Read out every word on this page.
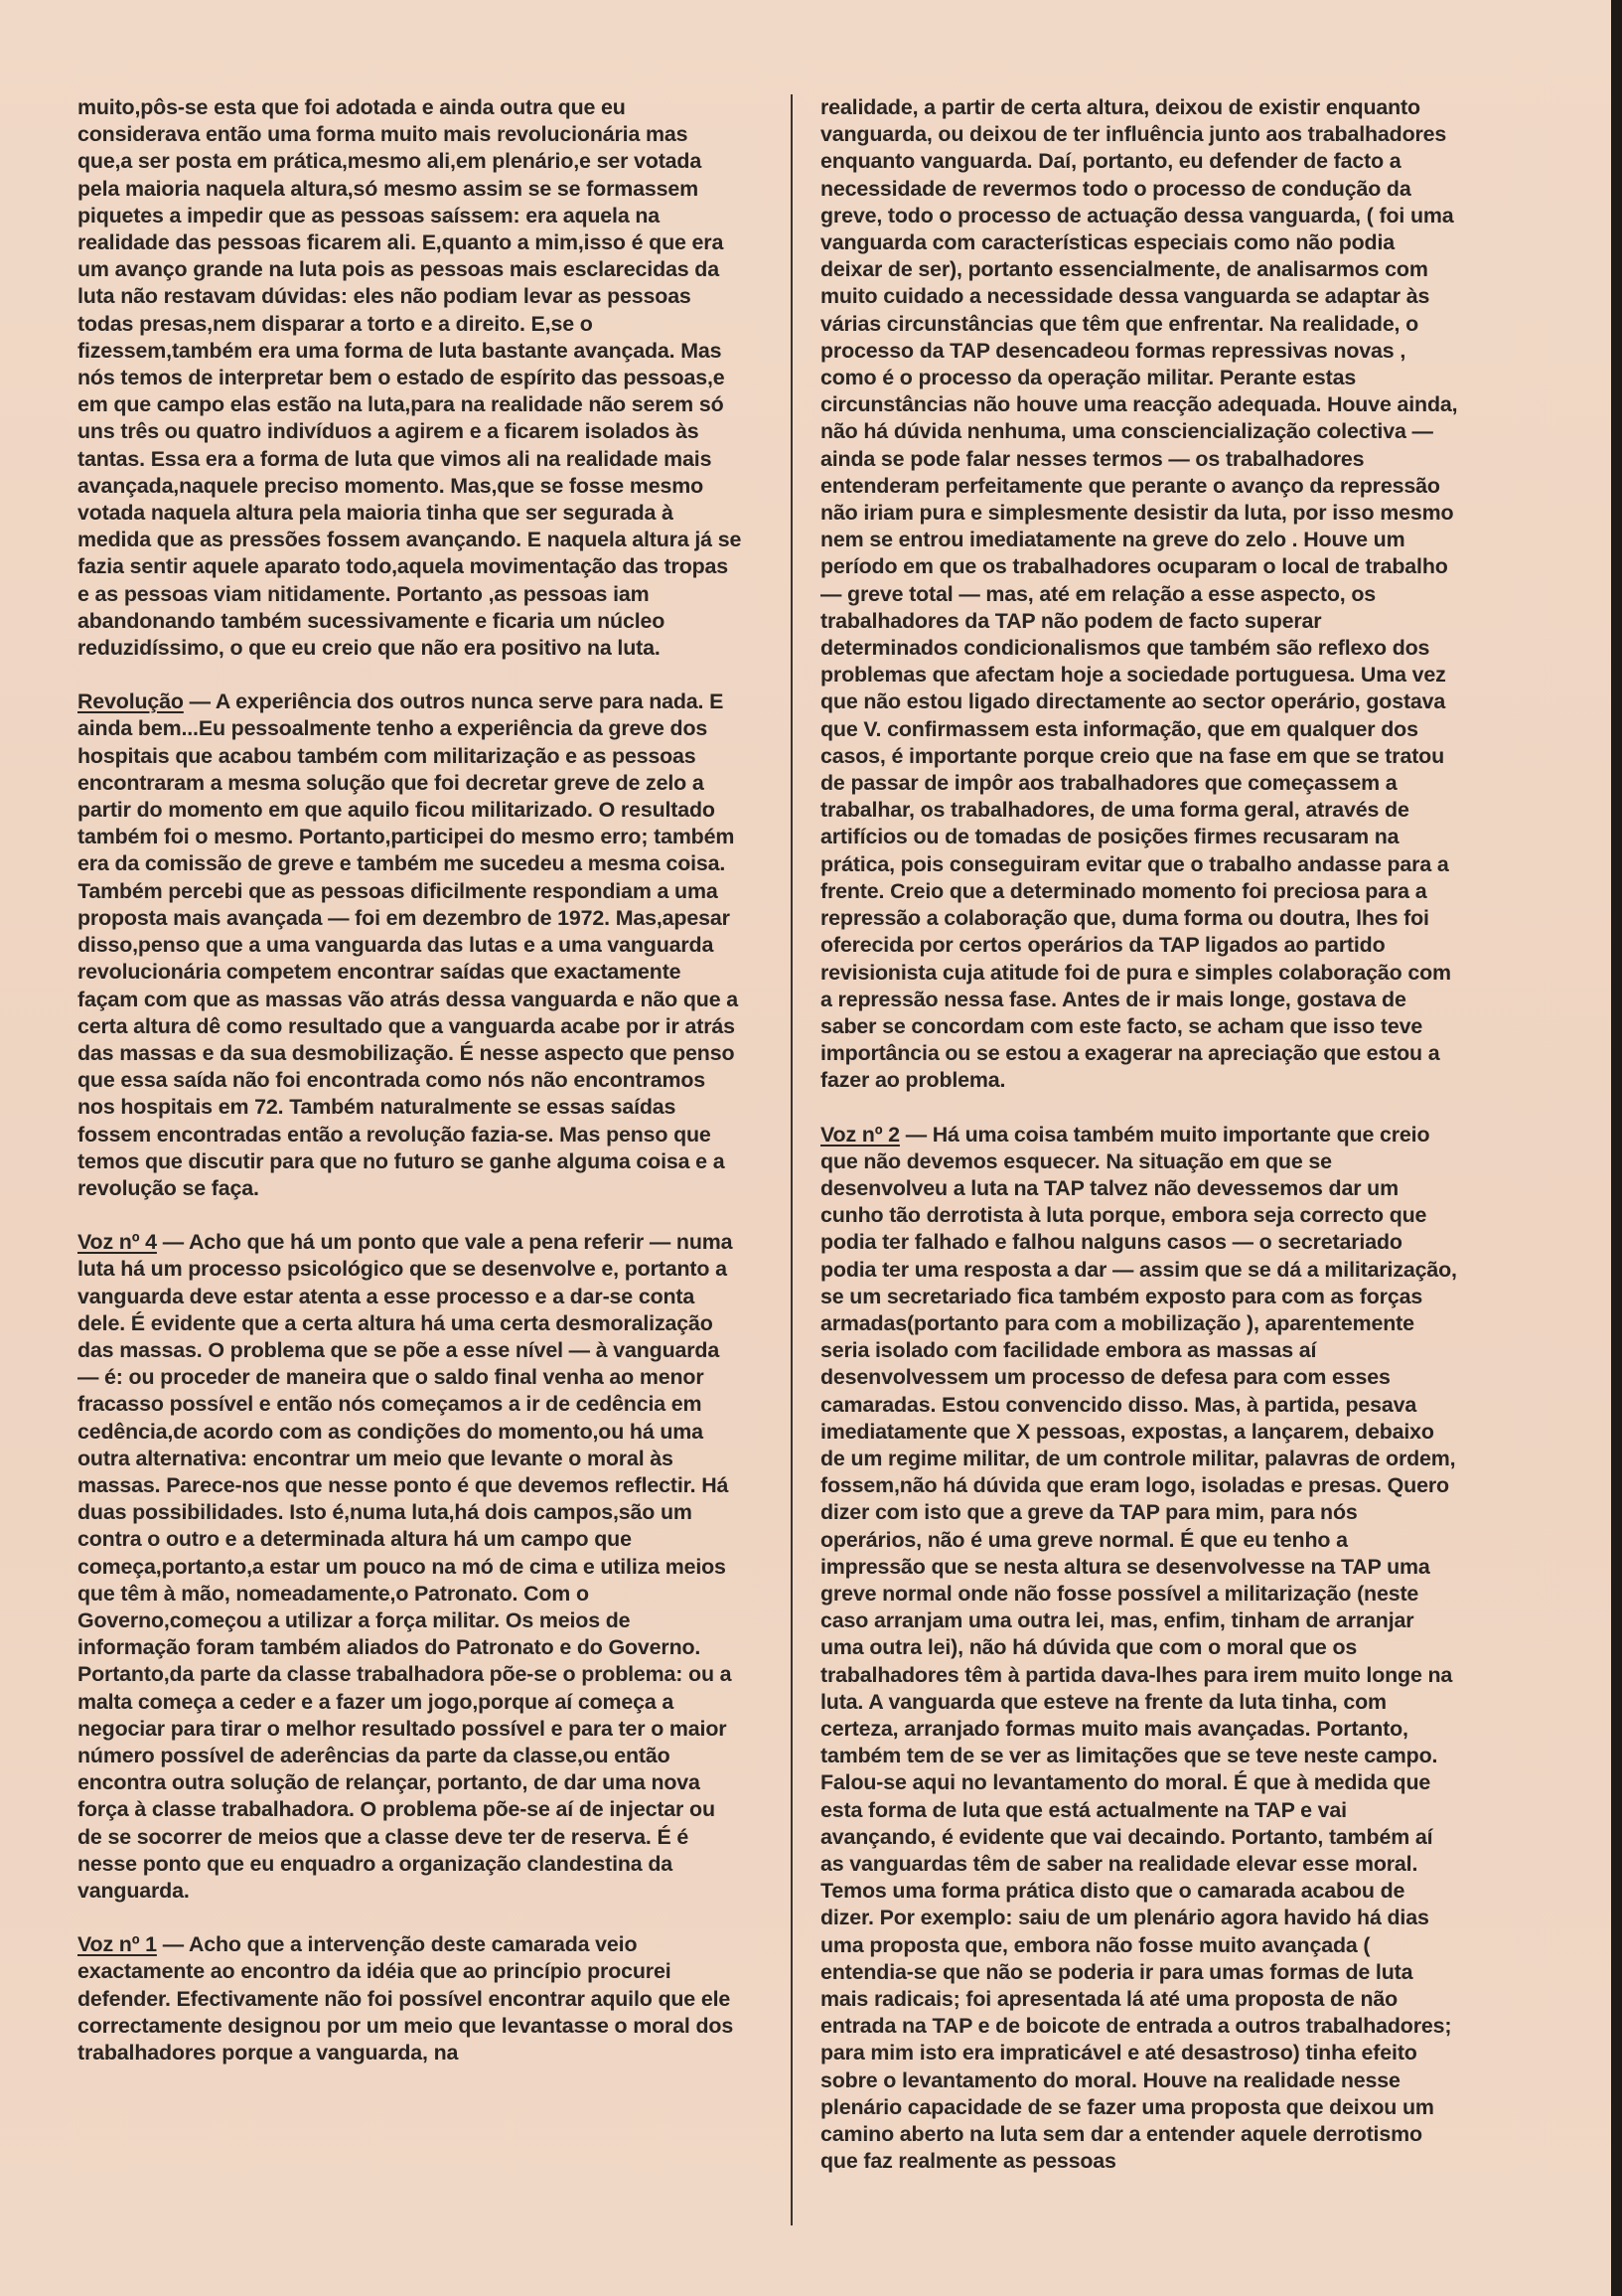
muito,pôs-se esta que foi adotada e ainda outra que eu considerava então uma forma muito mais revolucionária mas que,a ser posta em prática,mesmo ali,em plenário,e ser votada pela maioria naquela altura,só mesmo assim se se formassem piquetes a impedir que as pessoas saíssem: era aquela na realidade das pessoas ficarem ali. E,quanto a mim,isso é que era um avanço grande na luta pois as pessoas mais esclarecidas da luta não restavam dúvidas: eles não podiam levar as pessoas todas presas,nem disparar a torto e a direito. E,se o fizessem,também era uma forma de luta bastante avançada. Mas nós temos de interpretar bem o estado de espírito das pessoas,e em que campo elas estão na luta,para na realidade não serem só uns três ou quatro indivíduos a agirem e a ficarem isolados às tantas. Essa era a forma de luta que vimos ali na realidade mais avançada,naquele preciso momento. Mas,que se fosse mesmo votada naquela altura pela maioria tinha que ser segurada à medida que as pressões fossem avançando. E naquela altura já se fazia sentir aquele aparato todo,aquela movimentação das tropas e as pessoas viam nitidamente. Portanto ,as pessoas iam abandonando também sucessivamente e ficaria um núcleo reduzidíssimo, o que eu creio que não era positivo na luta.

Revolução — A experiência dos outros nunca serve para nada. E ainda bem...Eu pessoalmente tenho a experiência da greve dos hospitais que acabou também com militarização e as pessoas encontraram a mesma solução que foi decretar greve de zelo a partir do momento em que aquilo ficou militarizado. O resultado também foi o mesmo. Portanto,participei do mesmo erro; também era da comissão de greve e também me sucedeu a mesma coisa. Também percebi que as pessoas dificilmente respondiam a uma proposta mais avançada — foi em dezembro de 1972. Mas,apesar disso,penso que a uma vanguarda das lutas e a uma vanguarda revolucionária competem encontrar saídas que exactamente façam com que as massas vão atrás dessa vanguarda e não que a certa altura dê como resultado que a vanguarda acabe por ir atrás das massas e da sua desmobilização. É nesse aspecto que penso que essa saída não foi encontrada como nós não encontramos nos hospitais em 72. Também naturalmente se essas saídas fossem encontradas então a revolução fazia-se. Mas penso que temos que discutir para que no futuro se ganhe alguma coisa e a revolução se faça.

Voz nº 4 — Acho que há um ponto que vale a pena referir — numa luta há um processo psicológico que se desenvolve e, portanto a vanguarda deve estar atenta a esse processo e a dar-se conta dele. É evidente que a certa altura há uma certa desmoralização das massas. O problema que se põe a esse nível — à vanguarda — é: ou proceder de maneira que o saldo final venha ao menor fracasso possível e então nós começamos a ir de cedência em cedência,de acordo com as condições do momento,ou há uma outra alternativa: encontrar um meio que levante o moral às massas. Parece-nos que nesse ponto é que devemos reflectir. Há duas possibilidades. Isto é,numa luta,há dois campos,são um contra o outro e a determinada altura há um campo que começa,portanto,a estar um pouco na mó de cima e utiliza meios que têm à mão, nomeadamente,o Patronato. Com o Governo,começou a utilizar a força militar. Os meios de informação foram também aliados do Patronato e do Governo. Portanto,da parte da classe trabalhadora põe-se o problema: ou a malta começa a ceder e a fazer um jogo,porque aí começa a negociar para tirar o melhor resultado possível e para ter o maior número possível de aderências da parte da classe,ou então encontra outra solução de relançar, portanto, de dar uma nova força à classe trabalhadora. O problema põe-se aí de injectar ou de se socorrer de meios que a classe deve ter de reserva. É é nesse ponto que eu enquadro a organização clandestina da vanguarda.

Voz nº 1 — Acho que a intervenção deste camarada veio exactamente ao encontro da idéia que ao princípio procurei defender. Efectivamente não foi possível encontrar aquilo que ele correctamente designou por um meio que levantasse o moral dos trabalhadores porque a vanguarda, na

realidade, a partir de certa altura, deixou de existir enquanto vanguarda, ou deixou de ter influência junto aos trabalhadores enquanto vanguarda. Daí, portanto, eu defender de facto a necessidade de revermos todo o processo de condução da greve, todo o processo de actuação dessa vanguarda, ( foi uma vanguarda com características especiais como não podia deixar de ser), portanto essencialmente, de analisarmos com muito cuidado a necessidade dessa vanguarda se adaptar às várias circunstâncias que têm que enfrentar. Na realidade, o processo da TAP desencadeou formas repressivas novas , como é o processo da operação militar. Perante estas circunstâncias não houve uma reacção adequada. Houve ainda, não há dúvida nenhuma, uma consciencialização colectiva — ainda se pode falar nesses termos — os trabalhadores entenderam perfeitamente que perante o avanço da repressão não iriam pura e simplesmente desistir da luta, por isso mesmo nem se entrou imediatamente na greve do zelo . Houve um período em que os trabalhadores ocuparam o local de trabalho — greve total — mas, até em relação a esse aspecto, os trabalhadores da TAP não podem de facto superar determinados condicionalismos que também são reflexo dos problemas que afectam hoje a sociedade portuguesa. Uma vez que não estou ligado directamente ao sector operário, gostava que V. confirmassem esta informação, que em qualquer dos casos, é importante porque creio que na fase em que se tratou de passar de impôr aos trabalhadores que começassem a trabalhar, os trabalhadores, de uma forma geral, através de artifícios ou de tomadas de posições firmes recusaram na prática, pois conseguiram evitar que o trabalho andasse para a frente. Creio que a determinado momento foi preciosa para a repressão a colaboração que, duma forma ou doutra, lhes foi oferecida por certos operários da TAP ligados ao partido revisionista cuja atitude foi de pura e simples colaboração com a repressão nessa fase. Antes de ir mais longe, gostava de saber se concordam com este facto, se acham que isso teve importância ou se estou a exagerar na apreciação que estou a fazer ao problema.

Voz nº 2 — Há uma coisa também muito importante que creio que não devemos esquecer. Na situação em que se desenvolveu a luta na TAP talvez não devessemos dar um cunho tão derrotista à luta porque, embora seja correcto que podia ter falhado e falhou nalguns casos — o secretariado podia ter uma resposta a dar — assim que se dá a militarização, se um secretariado fica também exposto para com as forças armadas(portanto para com a mobilização ), aparentemente seria isolado com facilidade embora as massas aí desenvolvessem um processo de defesa para com esses camaradas. Estou convencido disso. Mas, à partida, pesava imediatamente que X pessoas, expostas, a lançarem, debaixo de um regime militar, de um controle militar, palavras de ordem, fossem,não há dúvida que eram logo, isoladas e presas. Quero dizer com isto que a greve da TAP para mim, para nós operários, não é uma greve normal. É que eu tenho a impressão que se nesta altura se desenvolvesse na TAP uma greve normal onde não fosse possível a militarização (neste caso arranjam uma outra lei, mas, enfim, tinham de arranjar uma outra lei), não há dúvida que com o moral que os trabalhadores têm à partida dava-lhes para irem muito longe na luta. A vanguarda que esteve na frente da luta tinha, com certeza, arranjado formas muito mais avançadas. Portanto, também tem de se ver as limitações que se teve neste campo. Falou-se aqui no levantamento do moral. É que à medida que esta forma de luta que está actualmente na TAP e vai avançando, é evidente que vai decaindo. Portanto, também aí as vanguardas têm de saber na realidade elevar esse moral. Temos uma forma prática disto que o camarada acabou de dizer. Por exemplo: saiu de um plenário agora havido há dias uma proposta que, embora não fosse muito avançada ( entendia-se que não se poderia ir para umas formas de luta mais radicais; foi apresentada lá até uma proposta de não entrada na TAP e de boicote de entrada a outros trabalhadores; para mim isto era impraticável e até desastroso) tinha efeito sobre o levantamento do moral. Houve na realidade nesse plenário capacidade de se fazer uma proposta que deixou um camino aberto na luta sem dar a entender aquele derrotismo que faz realmente as pessoas
